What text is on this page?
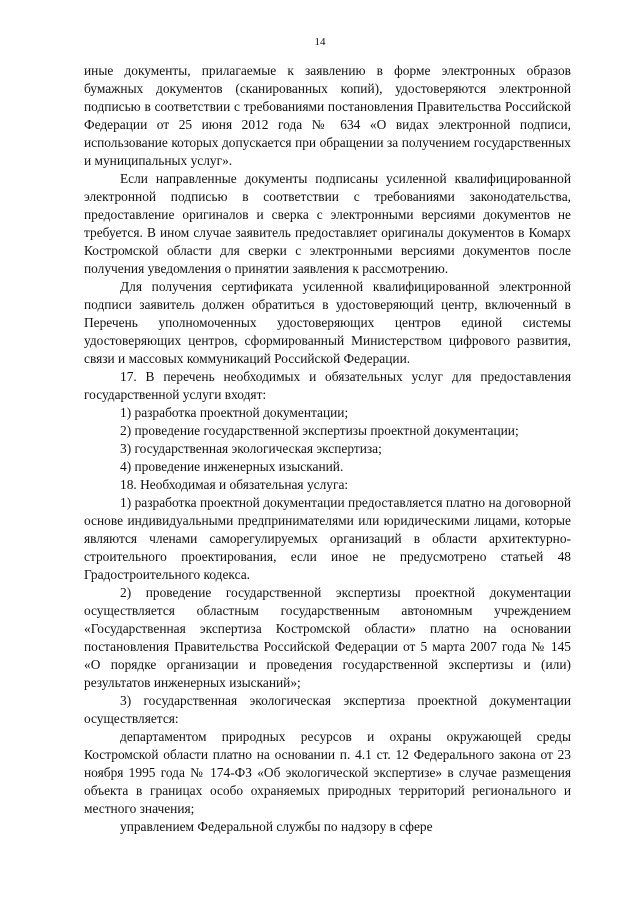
14

иные документы, прилагаемые к заявлению в форме электронных образов бумажных документов (сканированных копий), удостоверяются электронной подписью в соответствии с требованиями постановления Правительства Российской Федерации от 25 июня 2012 года № 634 «О видах электронной подписи, использование которых допускается при обращении за получением государственных и муниципальных услуг».

Если направленные документы подписаны усиленной квалифицированной электронной подписью в соответствии с требованиями законодательства, предоставление оригиналов и сверка с электронными версиями документов не требуется. В ином случае заявитель предоставляет оригиналы документов в Комарх Костромской области для сверки с электронными версиями документов после получения уведомления о принятии заявления к рассмотрению.

Для получения сертификата усиленной квалифицированной электронной подписи заявитель должен обратиться в удостоверяющий центр, включенный в Перечень уполномоченных удостоверяющих центров единой системы удостоверяющих центров, сформированный Министерством цифрового развития, связи и массовых коммуникаций Российской Федерации.

17. В перечень необходимых и обязательных услуг для предоставления государственной услуги входят:

1) разработка проектной документации;

2) проведение государственной экспертизы проектной документации;

3) государственная экологическая экспертиза;

4) проведение инженерных изысканий.

18. Необходимая и обязательная услуга:

1) разработка проектной документации предоставляется платно на договорной основе индивидуальными предпринимателями или юридическими лицами, которые являются членами саморегулируемых организаций в области архитектурно-строительного проектирования, если иное не предусмотрено статьей 48 Градостроительного кодекса.

2) проведение государственной экспертизы проектной документации осуществляется областным государственным автономным учреждением «Государственная экспертиза Костромской области» платно на основании постановления Правительства Российской Федерации от 5 марта 2007 года № 145 «О порядке организации и проведения государственной экспертизы и (или) результатов инженерных изысканий»;

3) государственная экологическая экспертиза проектной документации осуществляется:

департаментом природных ресурсов и охраны окружающей среды Костромской области платно на основании п. 4.1 ст. 12 Федерального закона от 23 ноября 1995 года № 174-ФЗ «Об экологической экспертизе» в случае размещения объекта в границах особо охраняемых природных территорий регионального и местного значения;

управлением Федеральной службы по надзору в сфере
